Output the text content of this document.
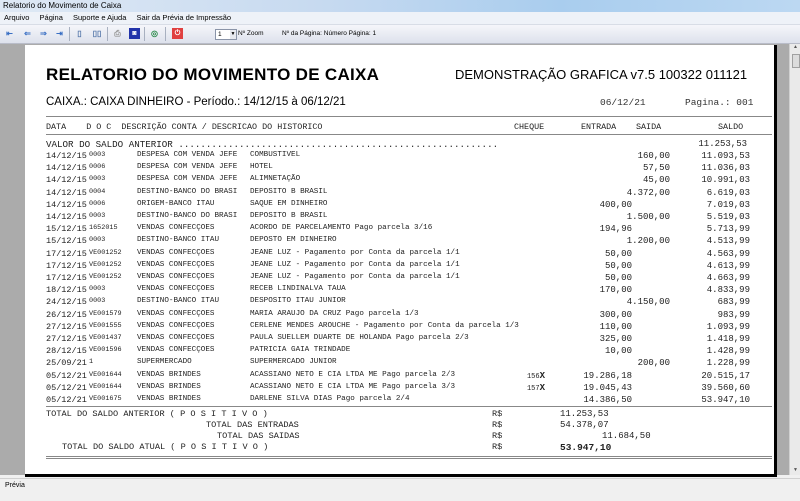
Relatorio do Movimento de Caixa
Arquivo Página Suporte e Ajuda Sair da Prévia de Impressão
⇤ ⇐ ⇒ ⇥	▯	▯▯	⎙	◙	◎	⏻	1 ▼ Nº Zoom	Nº da Página: Número Página: 1
▲
▼
RELATORIO DO MOVIMENTO DE CAIXA	DEMONSTRAÇÃO GRAFICA v7.5 100322 011121
CAIXA.: CAIXA DINHEIRO - Período.: 14/12/15 à 06/12/21	06/12/21	Pagina.: 001
DATA    D O C  DESCRIÇÃO CONTA / DESCRICAO DO HISTORICO	CHEQUE	ENTRADA SAIDA	SALDO
VALOR DO SALDO ANTERIOR ..........................................................	11.253,53
14/12/15 0003	DESPESA COM VENDA JEFE COMBUSTIVEL	160,00	11.093,53
14/12/15 0006	DESPESA COM VENDA JEFE HOTEL	57,50	11.036,03
14/12/15 0003	DESPESA COM VENDA JEFE ALIMNETAÇÃO	45,00	10.991,03
14/12/15 0004	DESTINO-BANCO DO BRASI DEPOSITO B BRASIL	4.372,00	6.619,03
14/12/15 0006	ORIGEM-BANCO ITAU	SAQUE EM DINHEIRO	400,00	7.019,03
14/12/15 0003	DESTINO-BANCO DO BRASI DEPOSITO B BRASIL	1.500,00	5.519,03
15/12/15 1652015	VENDAS CONFECÇOES	ACORDO DE PARCELAMENTO Pago parcela 3/16	194,96	5.713,99
15/12/15 0003	DESTINO-BANCO ITAU	DEPOSTO EM DINHEIRO	1.200,00	4.513,99
17/12/15 VE001252 VENDAS CONFECÇOES	JEANE LUZ - Pagamento por Conta da parcela 1/1	50,00	4.563,99
17/12/15 VE001252 VENDAS CONFECÇOES	JEANE LUZ - Pagamento por Conta da parcela 1/1	50,00	4.613,99
17/12/15 VE001252 VENDAS CONFECÇOES	JEANE LUZ - Pagamento por Conta da parcela 1/1	50,00	4.663,99
18/12/15 0003	VENDAS CONFECÇOES	RECEB LINDINALVA TAUA	170,00	4.833,99
24/12/15 0003	DESTINO-BANCO ITAU	DESPOSITO ITAU JUNIOR	4.150,00	683,99
26/12/15 VE001579 VENDAS CONFECÇOES	MARIA ARAUJO DA CRUZ Pago parcela 1/3	300,00	983,99
27/12/15 VE001555 VENDAS CONFECÇOES	CERLENE MENDES AROUCHE - Pagamento por Conta da parcela 1/3	110,00	1.093,99
27/12/15 VE001437 VENDAS CONFECÇOES	PAULA SUELLEM DUARTE DE HOLANDA Pago parcela 2/3	325,00	1.418,99
28/12/15 VE001596 VENDAS CONFECÇOES	PATRICIA GAIA TRINDADE	10,00	1.428,99
25/09/21 1	SUPERMERCADO	SUPERMERCADO JUNIOR	200,00	1.228,99
05/12/21 VE001644 VENDAS BRINDES	ACASSIANO NETO E CIA LTDA ME Pago parcela 2/3	19.286,18	20.515,17
156X
05/12/21 VE001644 VENDAS BRINDES	ACASSIANO NETO E CIA LTDA ME Pago parcela 3/3	19.045,43	39.560,60
157X
05/12/21 VE001675 VENDAS BRINDES	DARLENE SILVA DIAS Pago parcela 2/4	14.386,50	53.947,10
TOTAL DO SALDO ANTERIOR ( P O S I T I V O )	R$	11.253,53
TOTAL DAS ENTRADAS	R$	54.378,07
TOTAL DAS SAIDAS	R$	11.684,50
TOTAL DO SALDO ATUAL ( P O S I T I V O )	R$	53.947,10
Prévia
